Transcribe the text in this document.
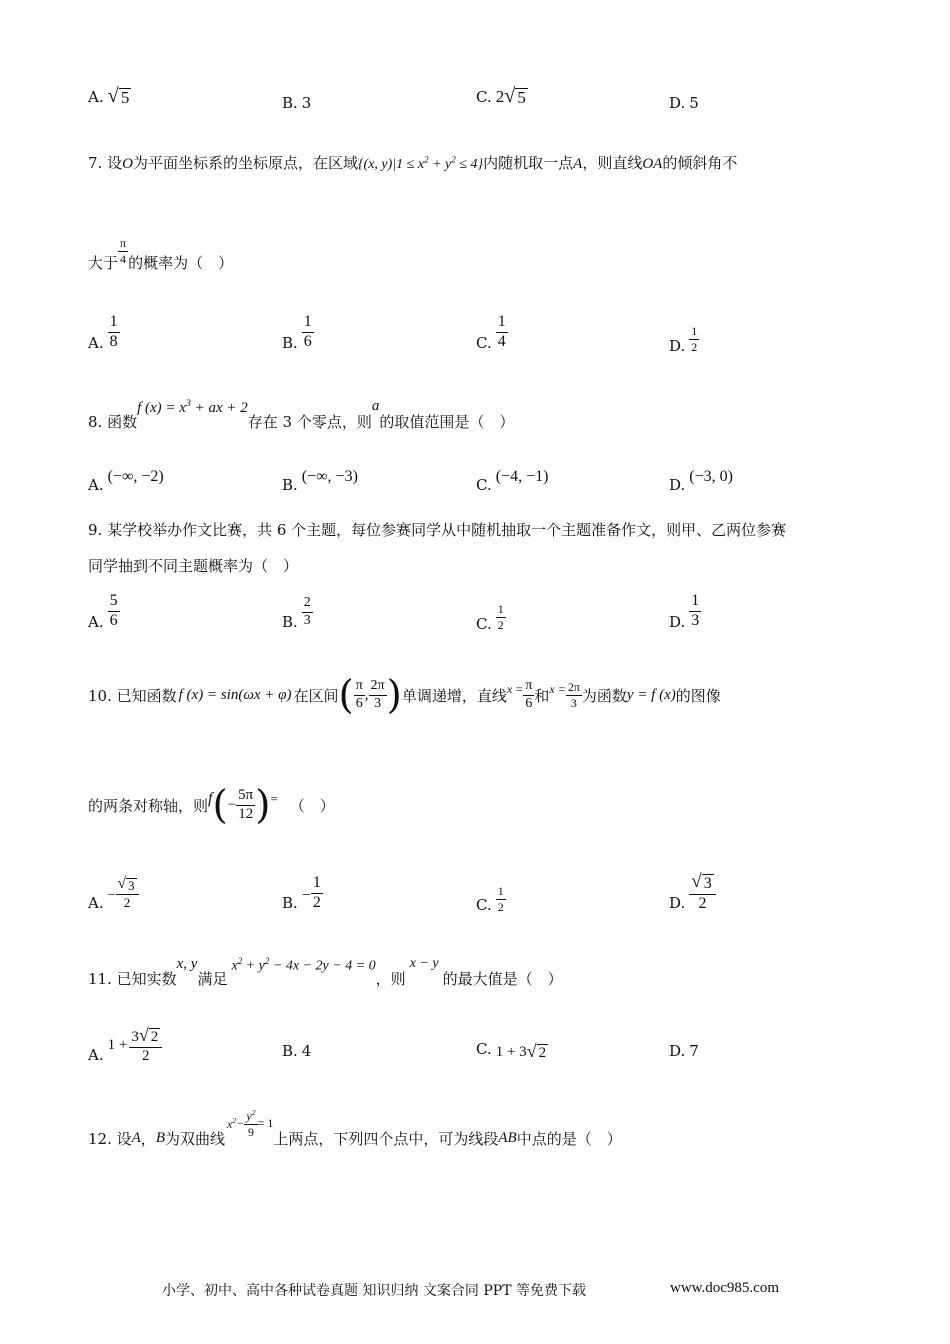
A. √ 5	B. 3	C. 2 √ 5	D. 5
7. 设O为平面坐标系的坐标原点，在区域{(x, $y)|1 \le x^2 + y^2 \le 4$}内随机取一点A，则直线OA的倾斜角不
大于 $\frac{\pi}{4}$ 的概率为（　）
A. $\frac{1}{8}$	B. $\frac{1}{6}$	C. $\frac{1}{4}$	D. $\frac{1}{2}$
8. 函数
f $(x) = x^3$ + ax + 2
存在 3 个零点，则
a
的取值范围是（　）
A. (−∞, −2)	B. (−∞, −3)	C. (−4, −1)	D. (−3, 0)
9. 某学校举办作文比赛，共 6 个主题，每位参赛同学从中随机抽取一个主题准备作文，则甲、乙两位参赛
同学抽到不同主题概率为（　）
A. $\frac{5}{6}$	B. $\frac{2}{3}$	C. $\frac{1}{2}$	D. $\frac{1}{3}$
10. 已知函数 f (x) = sin(ωx + φ) 在区间 ( $\frac{\pi}{6}$ , $\frac{2\pi}{3}$ ) 单调递增，直线 $x = \frac{\pi}{6}$ 和 $x = \frac{2\pi}{3}$ 为函数 y = f (x) 的图像
的两条对称轴，则 f ( − $\frac{5\pi}{12}$ ) = （　）
A. − $\frac{√ 3}{2}$	B. − $\frac{1}{2}$	C. $\frac{1}{2}$	D. $\frac{√ 3}{2}$
11. 已知实数
x, y
满足
$x^2 + y^2 - 4x - 2y - 4 = 0$
，则
x − y
的最大值是（　）
A.
$1 + \frac{3 √ 2}{2}$	B. 4	C. 1 + 3 √ 2	D. 7
12. 设 A ， B 为双曲线
$x^2 - \frac{y^2}{9} = 1$
上两点，下列四个点中，可为线段 AB 中点的是（　）
小学、初中、高中各种试卷真题 知识归纳 文案合同 PPT 等免费下载	www.doc985.com
